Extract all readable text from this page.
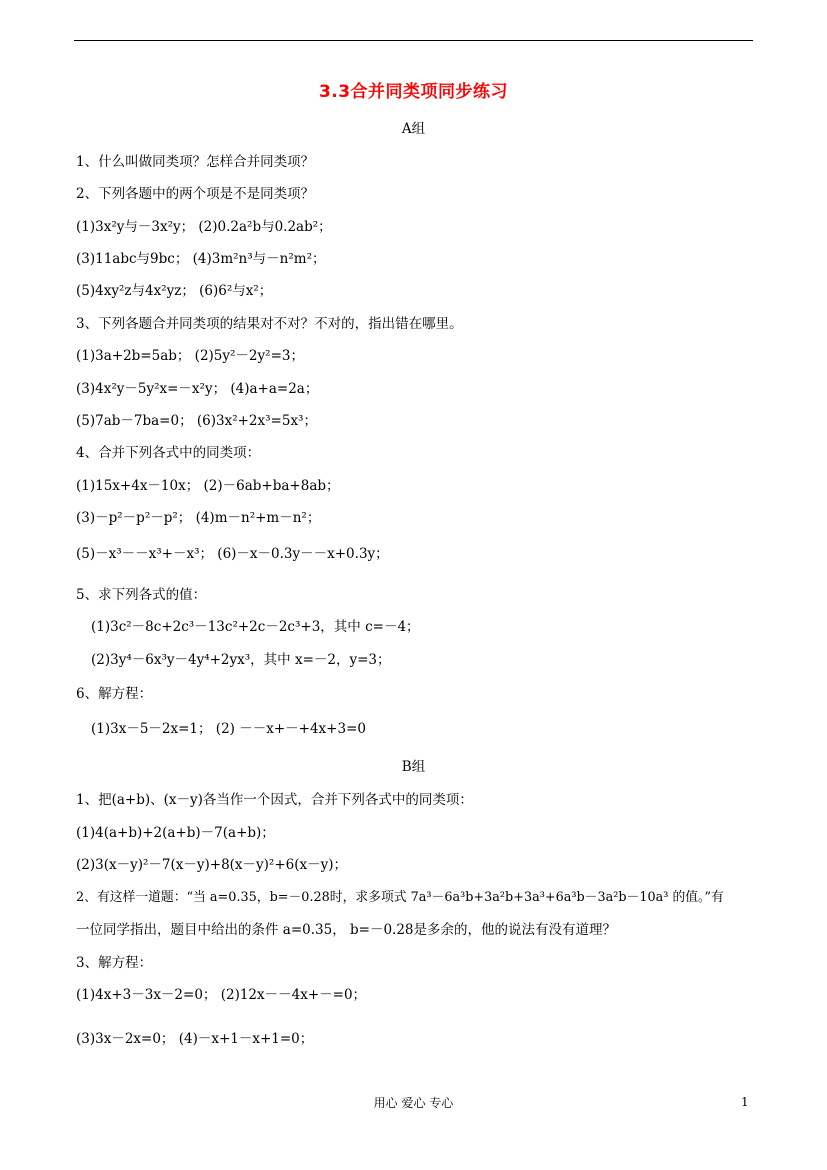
3.3合并同类项同步练习
A组
1、什么叫做同类项？怎样合并同类项？
2、下列各题中的两个项是不是同类项？
(1)3x²y与－3x²y； (2)0.2a²b与0.2ab²；
(3)11abc与9bc； (4)3m²n³与－n²m²；
(5)4xy²z与4x²yz； (6)6²与x²；
3、下列各题合并同类项的结果对不对？不对的，指出错在哪里。
(1)3a+2b=5ab； (2)5y²－2y²=3；
(3)4x²y－5y²x=－x²y； (4)a+a=2a；
(5)7ab－7ba=0； (6)3x²+2x³=5x³；
4、合并下列各式中的同类项：
(1)15x+4x－10x； (2)－6ab+ba+8ab；
(3)－p²－p²－p²； (4)m－n²+m－n²；
(5)－x³－－x³+－x³； (6)－x－0.3y－－x+0.3y；
5、求下列各式的值：
(1)3c²－8c+2c³－13c²+2c－2c³+3，其中 c=－4；
(2)3y⁴－6x³y－4y⁴+2yx³，其中 x=－2，y=3；
6、解方程：
(1)3x－5－2x=1； (2) －－x+－+4x+3=0
B组
1、把(a+b)、(x－y)各当作一个因式，合并下列各式中的同类项：
(1)4(a+b)+2(a+b)－7(a+b)；
(2)3(x－y)²－7(x－y)+8(x－y)²+6(x－y)；
2、有这样一道题：“当 a=0.35，b=－0.28时，求多项式 7a³－6a³b+3a²b+3a³+6a³b－3a²b－10a³ 的值。”有
一位同学指出，题目中给出的条件 a=0.35， b=－0.28是多余的，他的说法有没有道理？
3、解方程：
(1)4x+3－3x－2=0； (2)12x－－4x+－=0；
(3)3x－2x=0； (4)－x+1－x+1=0；
用心 爱心 专心	1
